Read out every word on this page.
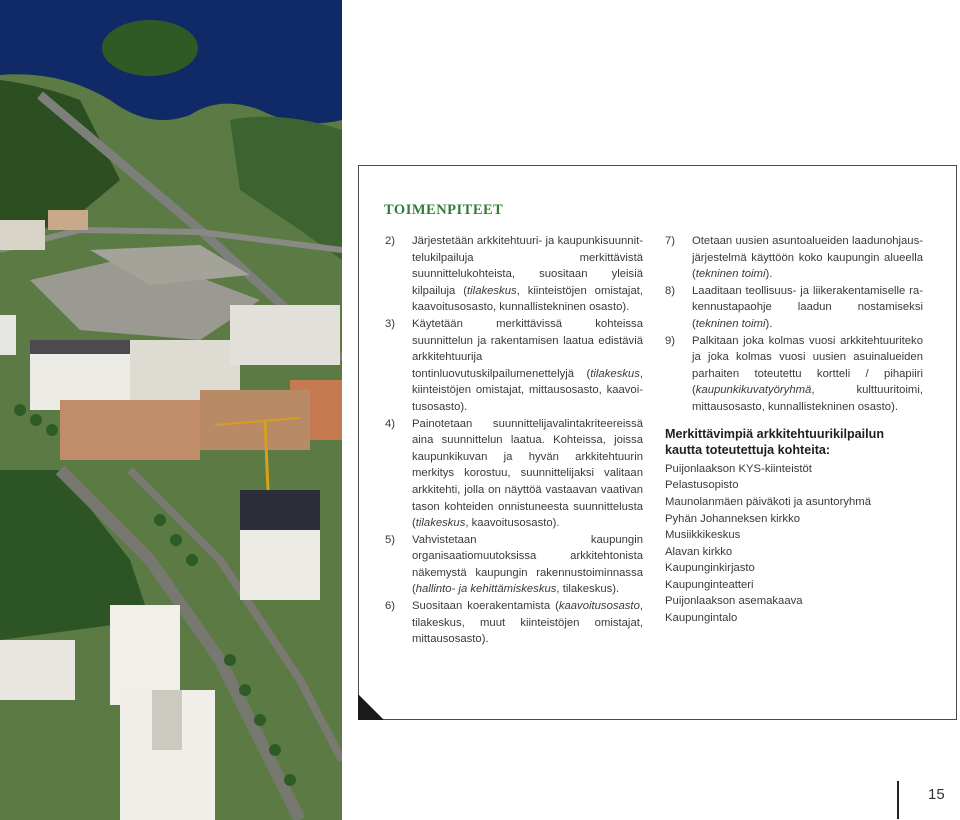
TOIMENPITEET
2) Järjestetään arkkitehtuuri- ja kaupunkisuunnittelukilpailuja merkittävistä suunnittelukohteista, suositaan yleisiä kilpailuja (tilakeskus, kiinteistöjen omistajat, kaavoitusosasto, kunnallistekninen osasto).
3) Käytetään merkittävissä kohteissa suunnittelun ja rakentamisen laatua edistäviä arkkitehtuurija tontinluovutuskilpailumenettelyjä (tilakeskus, kiinteistöjen omistajat, mittausosasto, kaavoitusosasto).
4) Painotetaan suunnittelijavalintakriteereissä aina suunnittelun laatua. Kohteissa, joissa kaupunkikuvan ja hyvän arkkitehtuurin merkitys korostuu, suunnittelijaksi valitaan arkkitehti, jolla on näyttöä vastaavan vaativan tason kohteiden onnistuneesta suunnittelusta (tilakeskus, kaavoitusosasto).
5) Vahvistetaan kaupungin organisaatiomuutoksissa arkkitehtonista näkemystä kaupungin rakennustoiminnassa (hallinto- ja kehittämiskeskus, tilakeskus).
6) Suositaan koerakentamista (kaavoitusosasto, tilakeskus, muut kiinteistöjen omistajat, mittausosasto).
7) Otetaan uusien asuntoalueiden laadunohjausjärjestelmä käyttöön koko kaupungin alueella (tekninen toimi).
8) Laaditaan teollisuus- ja liikerakentamiselle rakennustapaohje laadun nostamiseksi (tekninen toimi).
9) Palkitaan joka kolmas vuosi arkkitehtuuriteko ja joka kolmas vuosi uusien asuinalueiden parhaiten toteutettu kortteli / pihapiiri (kaupunkikuvatyöryhmä, kulttuuritoimi, mittausosasto, kunnallistekninen osasto).
Merkittävimpiä arkkitehtuurikilpailun kautta toteutettuja kohteita:
Puijonlaakson KYS-kiinteistöt
Pelastusopisto
Maunolanmäen päiväkoti ja asuntoryhmä
Pyhän Johanneksen kirkko
Musiikkikeskus
Alavan kirkko
Kaupunginkirjasto
Kaupunginteatteri
Puijonlaakson asemakaava
Kaupungintalo
15
